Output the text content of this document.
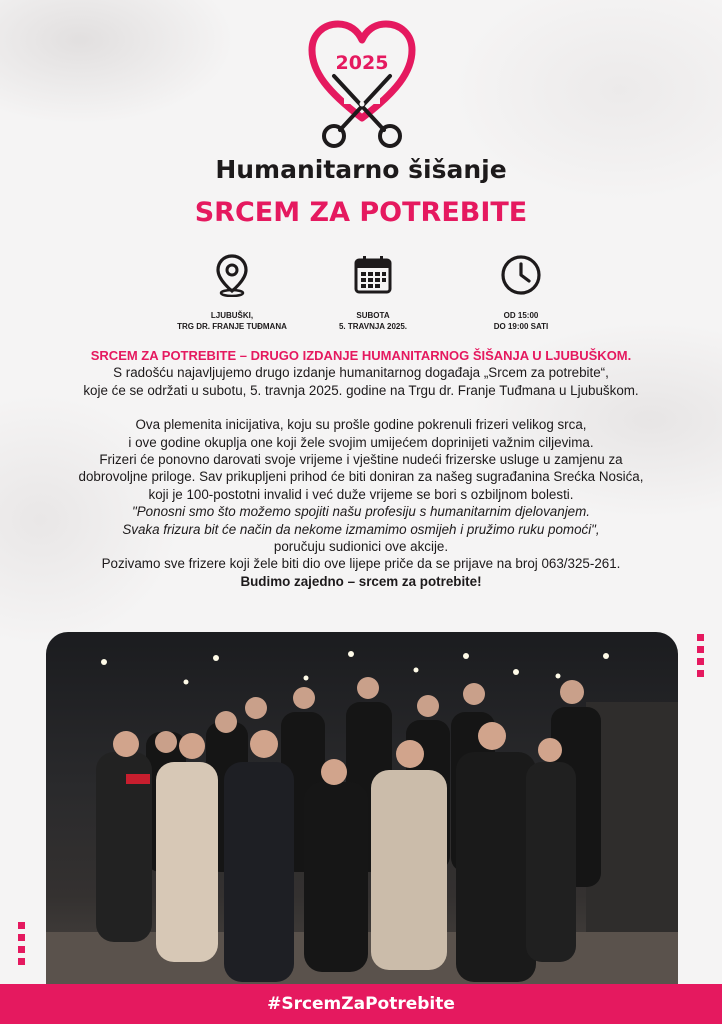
2025
Humanitarno šišanje
SRCEM ZA POTREBITE
LJUBUŠKI,
TRG DR. FRANJE TUĐMANA
SUBOTA
5. TRAVNJA 2025.
OD 15:00
DO 19:00 SATI
SRCEM ZA POTREBITE – DRUGO IZDANJE HUMANITARNOG ŠIŠANJA U LJUBUŠKOM.
S radošću najavljujemo drugo izdanje humanitarnog događaja „Srcem za potrebite“,
koje će se održati u subotu, 5. travnja 2025. godine na Trgu dr. Franje Tuđmana u Ljubuškom.
Ova plemenita inicijativa, koju su prošle godine pokrenuli frizeri velikog srca,
i ove godine okuplja one koji žele svojim umijećem doprinijeti važnim ciljevima.
Frizeri će ponovno darovati svoje vrijeme i vještine nudeći frizerske usluge u zamjenu za
dobrovoljne priloge. Sav prikupljeni prihod će biti doniran za našeg sugrađanina Srećka Nosića,
koji je 100-postotni invalid i već duže vrijeme se bori s ozbiljnom bolesti.
"Ponosni smo što možemo spojiti našu profesiju s humanitarnim djelovanjem.
Svaka frizura bit će način da nekome izmamimo osmijeh i pružimo ruku pomoći",
poručuju sudionici ove akcije.
Pozivamo sve frizere koji žele biti dio ove lijepe priče da se prijave na broj 063/325-261.
Budimo zajedno – srcem za potrebite!
#SrcemZaPotrebite
